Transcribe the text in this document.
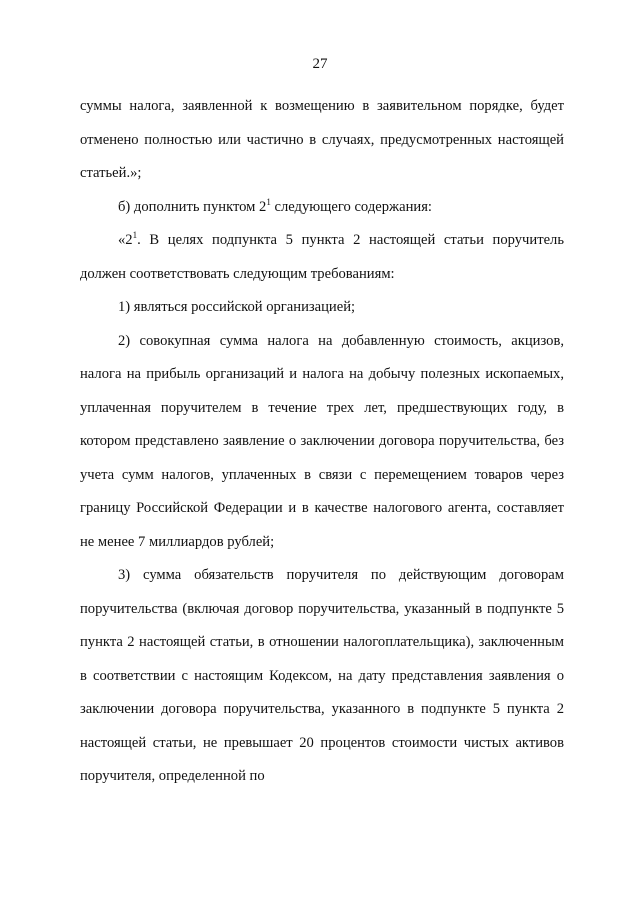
27

суммы налога, заявленной к возмещению в заявительном порядке, будет отменено полностью или частично в случаях, предусмотренных настоящей статьей.»;

б) дополнить пунктом $2^1$ следующего содержания:

«$2^1$. В целях подпункта 5 пункта 2 настоящей статьи поручитель должен соответствовать следующим требованиям:

1) являться российской организацией;

2) совокупная сумма налога на добавленную стоимость, акцизов, налога на прибыль организаций и налога на добычу полезных ископаемых, уплаченная поручителем в течение трех лет, предшествующих году, в котором представлено заявление о заключении договора поручительства, без учета сумм налогов, уплаченных в связи с перемещением товаров через границу Российской Федерации и в качестве налогового агента, составляет не менее 7 миллиардов рублей;

3) сумма обязательств поручителя по действующим договорам поручительства (включая договор поручительства, указанный в подпункте 5 пункта 2 настоящей статьи, в отношении налогоплательщика), заключенным в соответствии с настоящим Кодексом, на дату представления заявления о заключении договора поручительства, указанного в подпункте 5 пункта 2 настоящей статьи, не превышает 20 процентов стоимости чистых активов поручителя, определенной по
